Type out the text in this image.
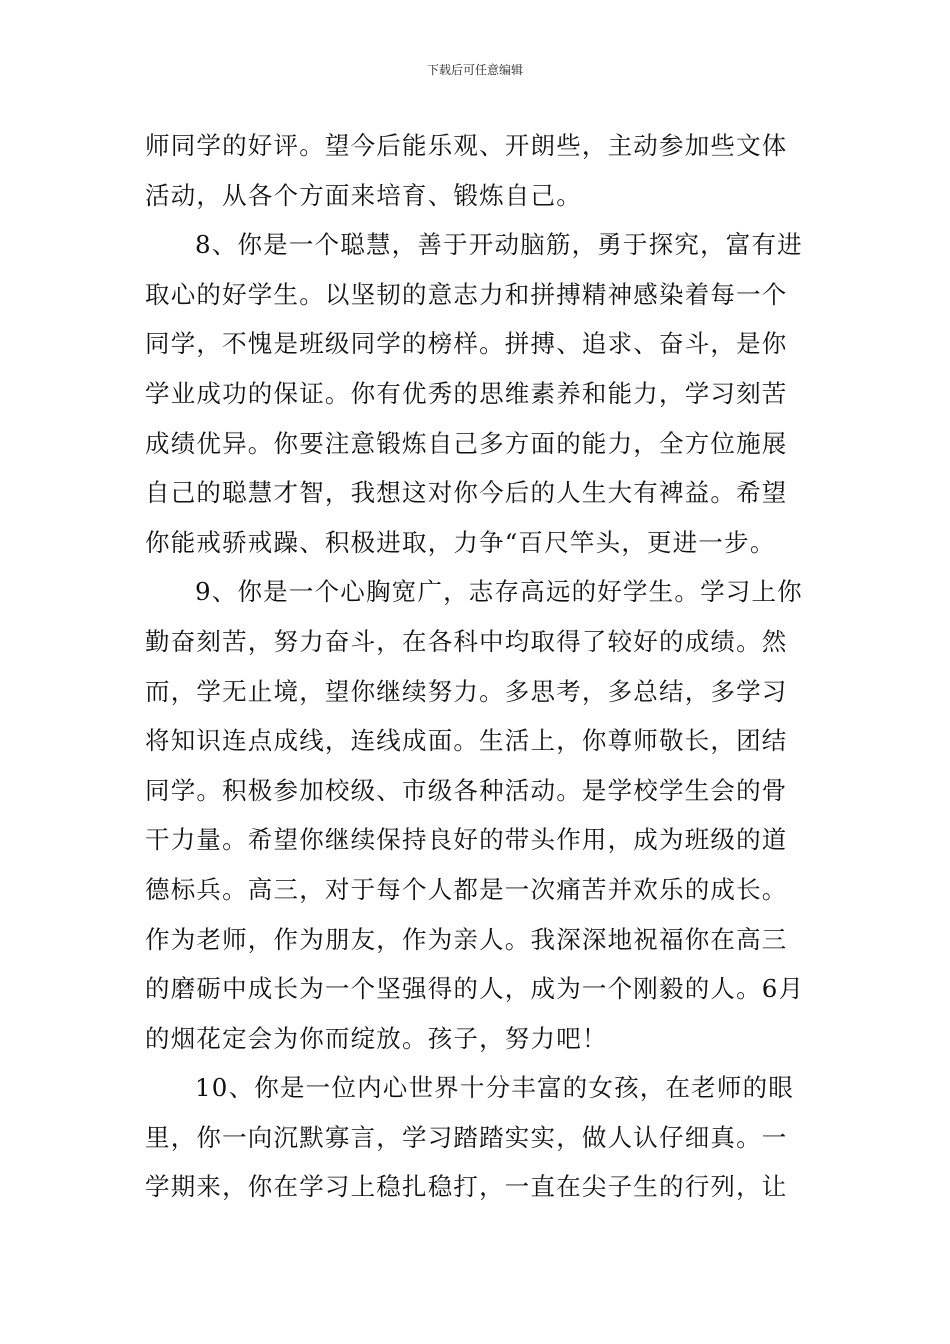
下载后可任意编辑
师同学的好评。望今后能乐观、开朗些，主动参加些文体
活动，从各个方面来培育、锻炼自己。
8、你是一个聪慧，善于开动脑筋，勇于探究，富有进
取心的好学生。以坚韧的意志力和拼搏精神感染着每一个
同学，不愧是班级同学的榜样。拼搏、追求、奋斗，是你
学业成功的保证。你有优秀的思维素养和能力，学习刻苦
成绩优异。你要注意锻炼自己多方面的能力，全方位施展
自己的聪慧才智，我想这对你今后的人生大有裨益。希望
你能戒骄戒躁、积极进取，力争“百尺竿头，更进一步。
9、你是一个心胸宽广，志存高远的好学生。学习上你
勤奋刻苦，努力奋斗，在各科中均取得了较好的成绩。然
而，学无止境，望你继续努力。多思考，多总结，多学习
将知识连点成线，连线成面。生活上，你尊师敬长，团结
同学。积极参加校级、市级各种活动。是学校学生会的骨
干力量。希望你继续保持良好的带头作用，成为班级的道
德标兵。高三，对于每个人都是一次痛苦并欢乐的成长。
作为老师，作为朋友，作为亲人。我深深地祝福你在高三
的磨砺中成长为一个坚强得的人，成为一个刚毅的人。6月
的烟花定会为你而绽放。孩子，努力吧！
10、你是一位内心世界十分丰富的女孩，在老师的眼
里，你一向沉默寡言，学习踏踏实实，做人认仔细真。一
学期来，你在学习上稳扎稳打，一直在尖子生的行列，让
